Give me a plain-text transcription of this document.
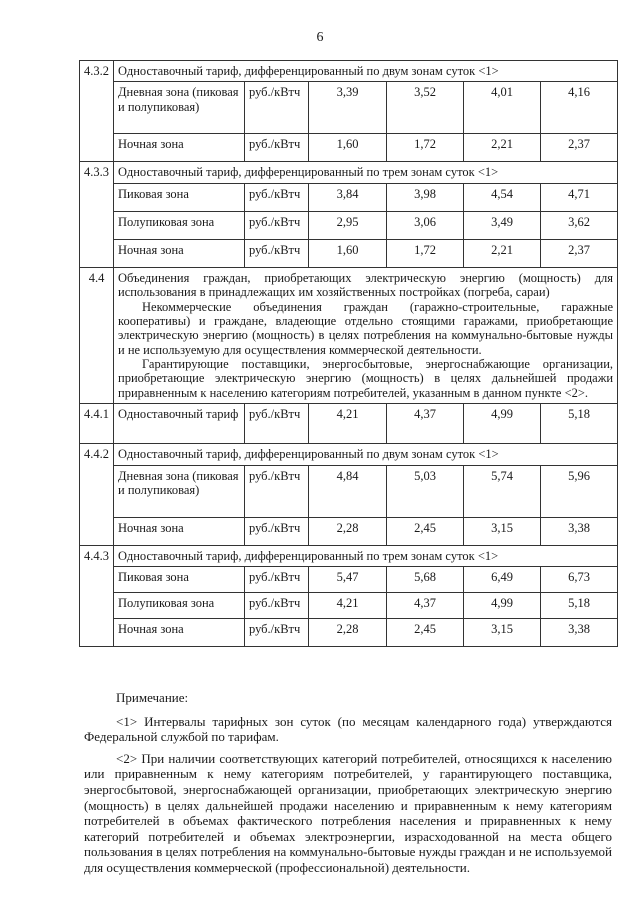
6
4.3.2	Одноставочный тариф, дифференцированный по двум зонам суток <1>					
	Дневная зона (пиковая и полупиковая)	руб./кВтч	3,39	3,52	4,01	4,16
	Ночная зона	руб./кВтч	1,60	1,72	2,21	2,37
4.3.3	Одноставочный тариф, дифференцированный по трем зонам суток <1>					
	Пиковая зона	руб./кВтч	3,84	3,98	4,54	4,71
	Полупиковая зона	руб./кВтч	2,95	3,06	3,49	3,62
	Ночная зона	руб./кВтч	1,60	1,72	2,21	2,37
4.4	Объединения граждан, приобретающих электрическую энергию (мощность) для использования в принадлежащих им хозяйственных постройках (погреба, сараи)

Некоммерческие объединения граждан (гаражно-строительные, гаражные кооперативы) и граждане, владеющие отдельно стоящими гаражами, приобретающие электрическую энергию (мощность) в целях потребления на коммунально-бытовые нужды и не используемую для осуществления коммерческой деятельности.

Гарантирующие поставщики, энергосбытовые, энергоснабжающие организации, приобретающие электрическую энергию (мощность) в целях дальнейшей продажи приравненным к населению категориям потребителей, указанным в данном пункте <2>.					

4.4.1	Одноставочный тариф	руб./кВтч	4,21	4,37	4,99	5,18
4.4.2	Одноставочный тариф, дифференцированный по двум зонам суток <1>					
	Дневная зона (пиковая и полупиковая)	руб./кВтч	4,84	5,03	5,74	5,96
	Ночная зона	руб./кВтч	2,28	2,45	3,15	3,38
4.4.3	Одноставочный тариф, дифференцированный по трем зонам суток <1>					
	Пиковая зона	руб./кВтч	5,47	5,68	6,49	6,73
	Полупиковая зона	руб./кВтч	4,21	4,37	4,99	5,18
	Ночная зона	руб./кВтч	2,28	2,45	3,15	3,38

Примечание:

<1> Интервалы тарифных зон суток (по месяцам календарного года) утверждаются Федеральной службой по тарифам.

<2> При наличии соответствующих категорий потребителей, относящихся к населению или приравненным к нему категориям потребителей, у гарантирующего поставщика, энергосбытовой, энергоснабжающей организации, приобретающих электрическую энергию (мощность) в целях дальнейшей продажи населению и приравненным к нему категориям потребителей в объемах фактического потребления населения и приравненных к нему категорий потребителей и объемах электроэнергии, израсходованной на места общего пользования в целях потребления на коммунально-бытовые нужды граждан и не используемой для осуществления коммерческой (профессиональной) деятельности.
